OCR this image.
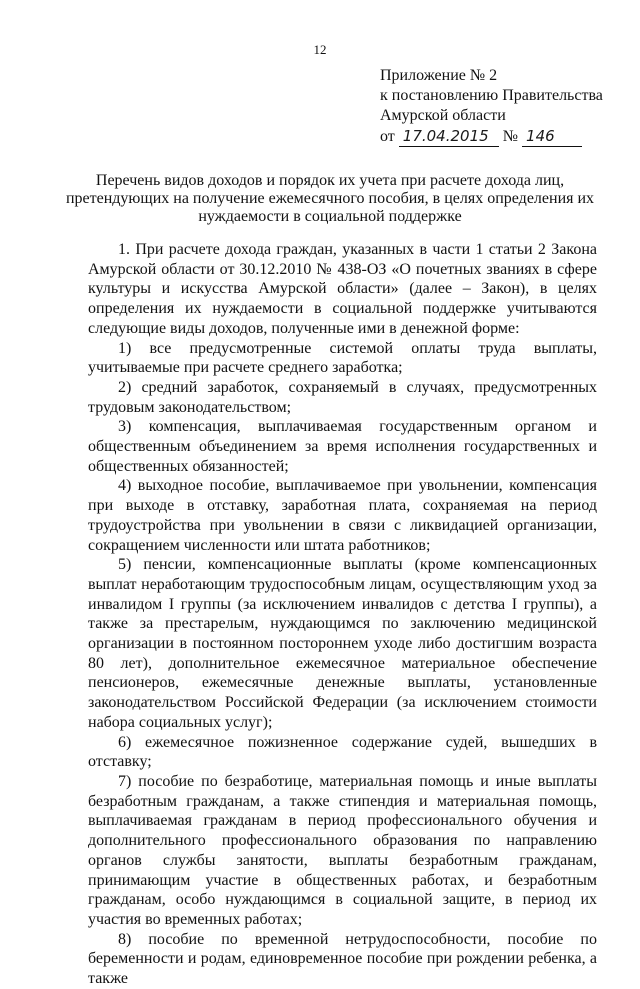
12
Приложение № 2
к постановлению Правительства
Амурской области
от 17.04.2015 № 146
Перечень видов доходов и порядок их учета при расчете дохода лиц, претендующих на получение ежемесячного пособия, в целях определения их нуждаемости в социальной поддержке

1. При расчете дохода граждан, указанных в части 1 статьи 2 Закона Амурской области от 30.12.2010 № 438-ОЗ «О почетных званиях в сфере культуры и искусства Амурской области» (далее – Закон), в целях определения их нуждаемости в социальной поддержке учитываются следующие виды доходов, полученные ими в денежной форме:

1) все предусмотренные системой оплаты труда выплаты, учитываемые при расчете среднего заработка;

2) средний заработок, сохраняемый в случаях, предусмотренных трудовым законодательством;

3) компенсация, выплачиваемая государственным органом и общественным объединением за время исполнения государственных и общественных обязанностей;

4) выходное пособие, выплачиваемое при увольнении, компенсация при выходе в отставку, заработная плата, сохраняемая на период трудоустройства при увольнении в связи с ликвидацией организации, сокращением численности или штата работников;

5) пенсии, компенсационные выплаты (кроме компенсационных выплат неработающим трудоспособным лицам, осуществляющим уход за инвалидом I группы (за исключением инвалидов с детства I группы), а также за престарелым, нуждающимся по заключению медицинской организации в постоянном постороннем уходе либо достигшим возраста 80 лет), дополнительное ежемесячное материальное обеспечение пенсионеров, ежемесячные денежные выплаты, установленные законодательством Российской Федерации (за исключением стоимости набора социальных услуг);

6) ежемесячное пожизненное содержание судей, вышедших в отставку;

7) пособие по безработице, материальная помощь и иные выплаты безработным гражданам, а также стипендия и материальная помощь, выплачиваемая гражданам в период профессионального обучения и дополнительного профессионального образования по направлению органов службы занятости, выплаты безработным гражданам, принимающим участие в общественных работах, и безработным гражданам, особо нуждающимся в социальной защите, в период их участия во временных работах;

8) пособие по временной нетрудоспособности, пособие по беременности и родам, единовременное пособие при рождении ребенка, а также
